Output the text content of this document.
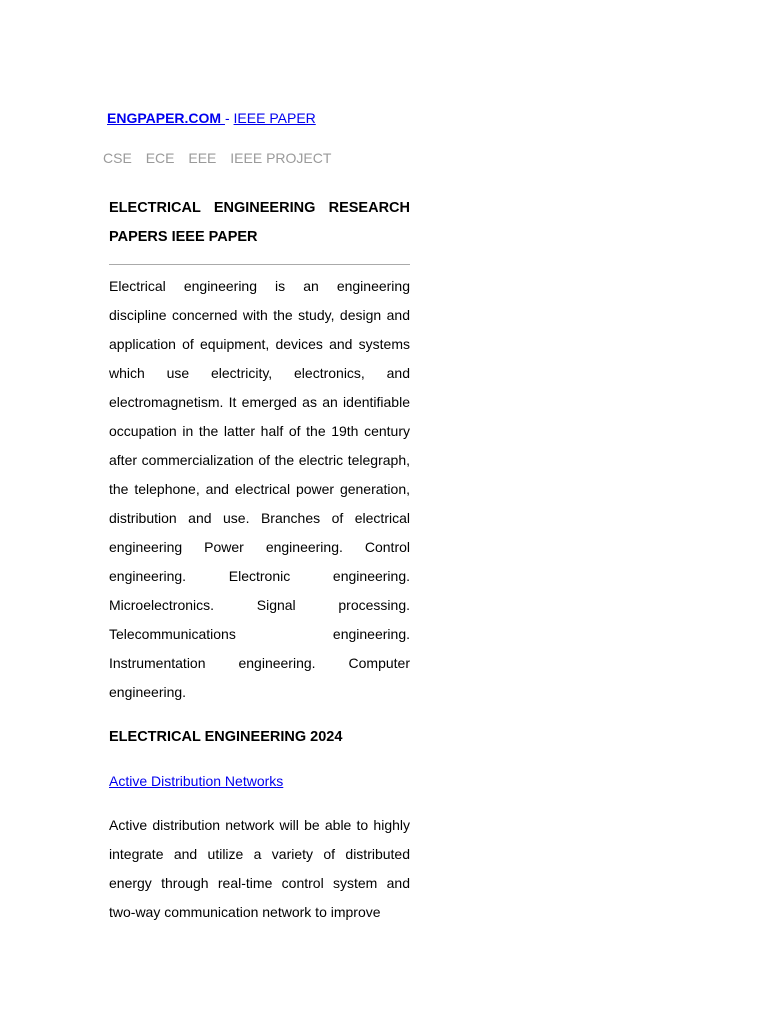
ENGPAPER.COM - IEEE PAPER
CSE ECE EEE IEEE PROJECT
ELECTRICAL ENGINEERING RESEARCH PAPERS IEEE PAPER

Electrical engineering is an engineering discipline concerned with the study, design and application of equipment, devices and systems which use electricity, electronics, and electromagnetism. It emerged as an identifiable occupation in the latter half of the 19th century after commercialization of the electric telegraph, the telephone, and electrical power generation, distribution and use. Branches of electrical engineering Power engineering. Control engineering. Electronic engineering. Microelectronics. Signal processing. Telecommunications engineering. Instrumentation engineering. Computer engineering.

ELECTRICAL ENGINEERING 2024
Active Distribution Networks

Active distribution network will be able to highly integrate and utilize a variety of distributed energy through real-time control system and two-way communication network to improve
